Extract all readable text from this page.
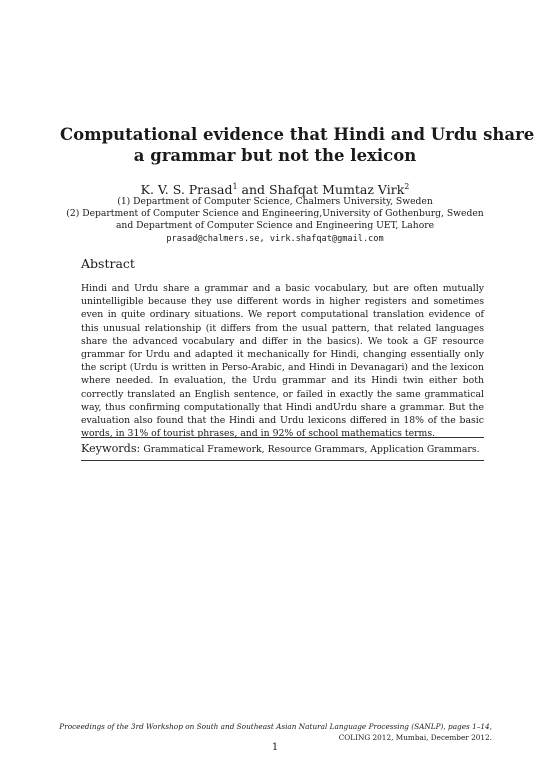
Computational evidence that Hindi and Urdu share
a grammar but not the lexicon
K. V. S. Prasad$^1$ and Shafqat Mumtaz Virk$^2$
(1) Department of Computer Science, Chalmers University, Sweden
(2) Department of Computer Science and Engineering,University of Gothenburg, Sweden
and Department of Computer Science and Engineering UET, Lahore
prasad@chalmers.se, virk.shafqat@gmail.com
Abstract

Hindi and Urdu share a grammar and a basic vocabulary, but are often mutually unintelligible because they use different words in higher registers and sometimes even in quite ordinary situations. We report computational translation evidence of this unusual relationship (it differs from the usual pattern, that related languages share the advanced vocabulary and differ in the basics). We took a GF resource grammar for Urdu and adapted it mechanically for Hindi, changing essentially only the script (Urdu is written in Perso-Arabic, and Hindi in Devanagari) and the lexicon where needed. In evaluation, the Urdu grammar and its Hindi twin either both correctly translated an English sentence, or failed in exactly the same grammatical way, thus confirming computationally that Hindi andUrdu share a grammar. But the evaluation also found that the Hindi and Urdu lexicons differed in 18% of the basic words, in 31% of tourist phrases, and in 92% of school mathematics terms.

Keywords: Grammatical Framework, Resource Grammars, Application Grammars.
Proceedings of the 3rd Workshop on South and Southeast Asian Natural Language Processing (SANLP), pages 1–14,
COLING 2012, Mumbai, December 2012.
1
